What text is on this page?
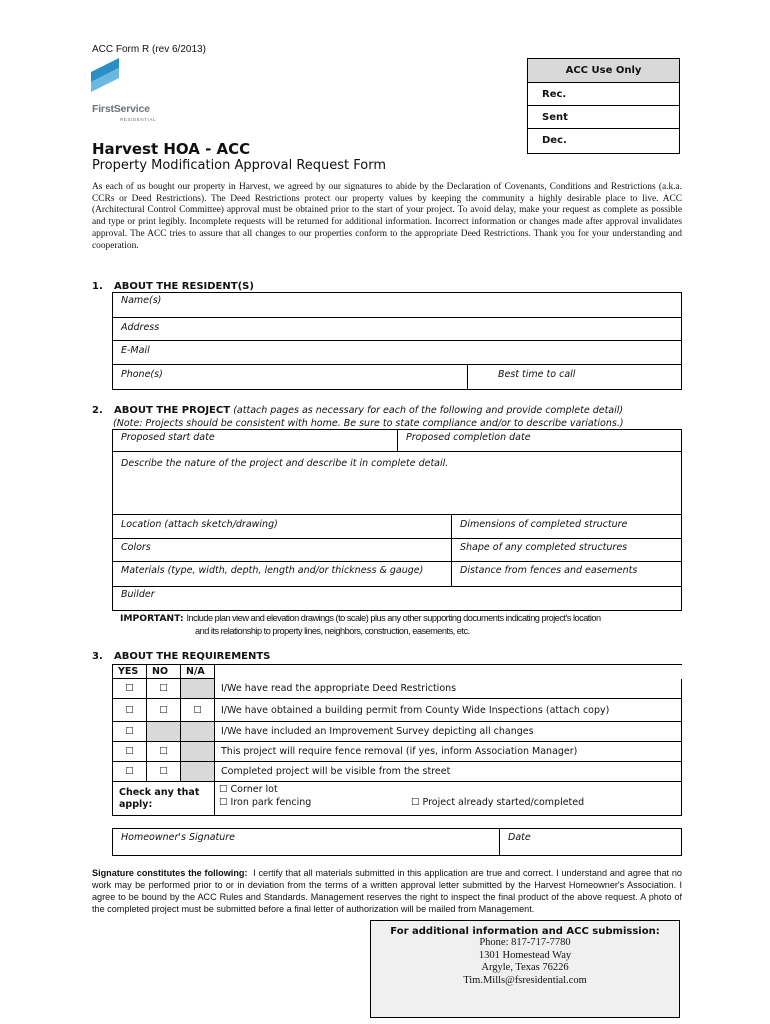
ACC Form R (rev 6/2013)
FirstService
RESIDENTIAL
ACC Use Only
Rec.
Sent
Dec.
Harvest HOA - ACC
Property Modification Approval Request Form
As each of us bought our property in Harvest, we agreed by our signatures to abide by the Declaration of Covenants, Conditions and Restrictions (a.k.a. CCRs or Deed Restrictions). The Deed Restrictions protect our property values by keeping the community a highly desirable place to live. ACC (Architectural Control Committee) approval must be obtained prior to the start of your project. To avoid delay, make your request as complete as possible and type or print legibly. Incomplete requests will be returned for additional information. Incorrect information or changes made after approval invalidates approval. The ACC tries to assure that all changes to our properties conform to the appropriate Deed Restrictions. Thank you for your understanding and cooperation.
1. ABOUT THE RESIDENT(S)
Name(s)
Address
E-Mail
Phone(s)	Best time to call
2. ABOUT THE PROJECT (attach pages as necessary for each of the following and provide complete detail)
(Note: Projects should be consistent with home. Be sure to state compliance and/or to describe variations.)
Proposed start date	Proposed completion date
Describe the nature of the project and describe it in complete detail.
Location (attach sketch/drawing)	Dimensions of completed structure
Colors	Shape of any completed structures
Materials (type, width, depth, length and/or thickness & gauge)	Distance from fences and easements
Builder
IMPORTANT: Include plan view and elevation drawings (to scale) plus any other supporting documents indicating project's location
and its relationship to property lines, neighbors, construction, easements, etc.
3. ABOUT THE REQUIREMENTS
YES	NO	N/A	
☐	☐		I/We have read the appropriate Deed Restrictions
☐	☐	☐	I/We have obtained a building permit from County Wide Inspections (attach copy)
☐			I/We have included an Improvement Survey depicting all changes
☐	☐		This project will require fence removal (if yes, inform Association Manager)
☐	☐		Completed project will be visible from the street
Check any that apply:			☐ Corner lot
☐ Iron park fencing ☐ Project already started/completed
Homeowner's Signature	Date
Signature constitutes the following: I certify that all materials submitted in this application are true and correct. I understand and agree that no work may be performed prior to or in deviation from the terms of a written approval letter submitted by the Harvest Homeowner's Association. I agree to be bound by the ACC Rules and Standards. Management reserves the right to inspect the final product of the above request. A photo of the completed project must be submitted before a final letter of authorization will be mailed from Management.
For additional information and ACC submission:
Phone: 817-717-7780
1301 Homestead Way
Argyle, Texas 76226
Tim.Mills@fsresidential.com
